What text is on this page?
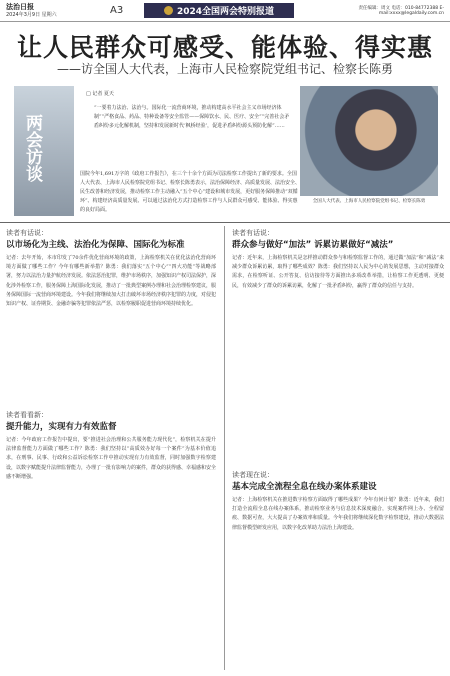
法治日报
2024年3月9日 星期六	A3	2024全国两会特别报道	责任编辑：周文 电话：010-84772388 E-mail:xxxx@legaldaily.com.cn
让人民群众可感受、能体验、得实惠
——访全国人大代表，上海市人民检察院党组书记、检察长陈勇
两会访谈
□ 记者 夏天
“一要着力法治、法治与。国际化一流营商环境，推动构建高水平社会主义市场经济体制”“严格食品、药品、特种设备等安全监管——保障饮水、民、医疗、安全”“完善社会矛盾纠纷多元化解机制，坚持和发展新时代‘枫桥经验’，促进矛盾纠纷源头预防化解”……
国院今年1,691万字的《政府工作报告》，在三个十余个方面为司法检察工作提出了新的要求。全国人大代表、上海市人民检察院党组书记、检察长陈勇表示，法治保障经济、高质量发展、法治安全、民生改善和经济发展，推动检察工作主动融入“五个中心”建设和城市发展，更好服务保障推动“双循环”、构建经济高质量发展、可以通过法治化方式打造检察工作与人民群众可感受、能体验、得实惠的良好局面。
全国人大代表、上海市人民检察院党组书记、检察长陈勇
读者有话说：
以市场化为主线、法治化为保障、国际化为标准
记者：去年开始，本市印发了70余件优化营商环境的政策，上海检察机关在优化法治化营商环境方面做了哪些工作？今年有哪些新举措？陈勇：我们落实“五个中心”“四大功能”等战略部署，努力以法治力量护航经济发展。依法惩治犯罪，维护市场秩序，加强知识产权司法保护，深化涉外检察工作，服务保障上海国际化发展，推动了一批典型案例办理和社会治理检察建议，服务保障国际一流营商环境建设。今年我们将继续加大打击破坏市场经济秩序犯罪的力度，对侵犯知识产权、证券期货、金融诈骗等犯罪依法严惩，以检察履职促进营商环境持续优化。
读者有话说：
群众参与做好“加法” 诉累访累做好“减法”
记者：近年来，上海检察机关是怎样推动群众参与和检察监督工作的，通过做“加法”和“减法”来减少群众诉累访累，取得了哪些成效？陈勇：我们坚持以人民为中心的发展思想，主动对接群众需求，在检察听证、公开答复、信访接待等方面推出多项改革举措，让检察工作更透明、更便民，有效减少了群众的诉累访累，化解了一批矛盾纠纷，赢得了群众的信任与支持。
读者看看新：
提升能力，实现有力有效监督
记者：今年政府工作报告中提出，要“推进社会治理和公共服务能力现代化”，检察机关在提升法律监督能力方面做了哪些工作？陈勇：我们坚持以“高质效办好每一个案件”为基本价值追求，在刑事、民事、行政和公益诉讼检察工作中推动实现有力有效监督，同时加强数字检察建设，以数字赋能提升法律监督能力，办理了一批有影响力的案件，群众的获得感、幸福感和安全感不断增强。	读者现在说：
基本完成全流程全息在线办案体系建设
记者：上海检察机关在推进数字检察方面取得了哪些成果？今年有何计划？陈勇：近年来，我们打造全流程全息在线办案体系，推动检察业务与信息技术深度融合，实现案件网上办、全程留痕、数据可查，大大提高了办案效率和质量。今年我们将继续深化数字检察建设，推动大数据法律监督模型研发应用，以数字化改革助力法治上海建设。
